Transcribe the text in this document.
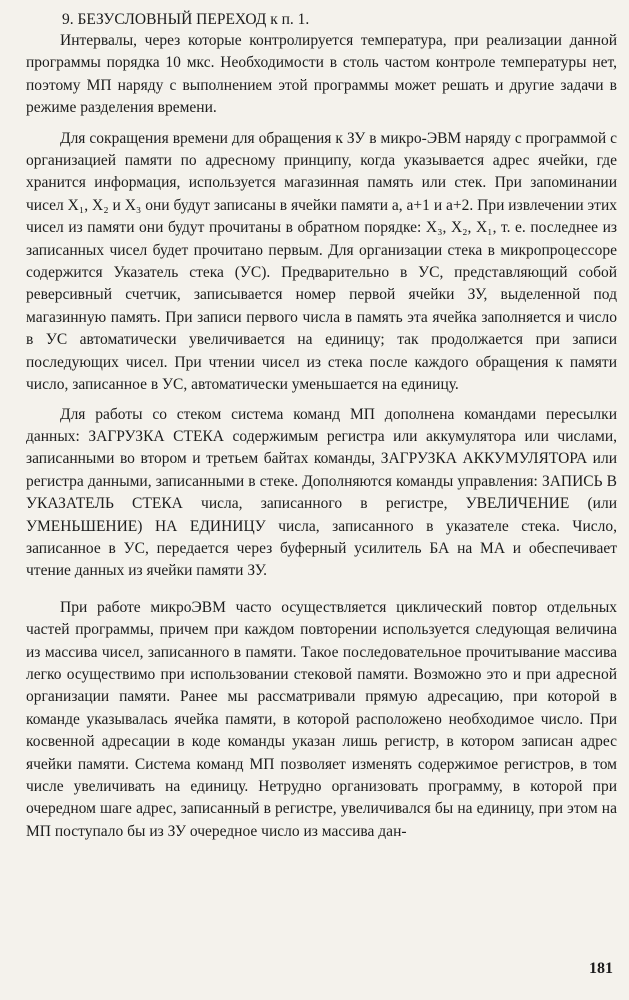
9. БЕЗУСЛОВНЫЙ ПЕРЕХОД к п. 1.

Интервалы, через которые контролируется температура, при реализации данной программы порядка 10 мкс. Необходимости в столь частом контроле температуры нет, поэтому МП наряду с выполнением этой программы может решать и другие задачи в режиме разделения времени.

Для сокращения времени для обращения к ЗУ в микро-ЭВМ наряду с программой с организацией памяти по адресному принципу, когда указывается адрес ячейки, где хранится информация, используется магазинная память или стек. При запоминании чисел X₁, X₂ и X₃ они будут записаны в ячейки памяти а, а+1 и а+2. При извлечении этих чисел из памяти они будут прочитаны в обратном порядке: X₃, X₂, X₁, т. е. последнее из записанных чисел будет прочитано первым. Для организации стека в микропроцессоре содержится Указатель стека (УС). Предварительно в УС, представляющий собой реверсивный счетчик, записывается номер первой ячейки ЗУ, выделенной под магазинную память. При записи первого числа в память эта ячейка заполняется и число в УС автоматически увеличивается на единицу; так продолжается при записи последующих чисел. При чтении чисел из стека после каждого обращения к памяти число, записанное в УС, автоматически уменьшается на единицу.

Для работы со стеком система команд МП дополнена командами пересылки данных: ЗАГРУЗКА СТЕКА содержимым регистра или аккумулятора или числами, записанными во втором и третьем байтах команды, ЗАГРУЗКА АККУМУЛЯТОРА или регистра данными, записанными в стеке. Дополняются команды управления: ЗАПИСЬ В УКАЗАТЕЛЬ СТЕКА числа, записанного в регистре, УВЕЛИЧЕНИЕ (или УМЕНЬШЕНИЕ) НА ЕДИНИЦУ числа, записанного в указателе стека. Число, записанное в УС, передается через буферный усилитель БА на МА и обеспечивает чтение данных из ячейки памяти ЗУ.

При работе микроЭВМ часто осуществляется циклический повтор отдельных частей программы, причем при каждом повторении используется следующая величина из массива чисел, записанного в памяти. Такое последовательное прочитывание массива легко осуществимо при использовании стековой памяти. Возможно это и при адресной организации памяти. Ранее мы рассматривали прямую адресацию, при которой в команде указывалась ячейка памяти, в которой расположено необходимое число. При косвенной адресации в коде команды указан лишь регистр, в котором записан адрес ячейки памяти. Система команд МП позволяет изменять содержимое регистров, в том числе увеличивать на единицу. Нетрудно организовать программу, в которой при очередном шаге адрес, записанный в регистре, увеличивался бы на единицу, при этом на МП поступало бы из ЗУ очередное число из массива дан-

181
